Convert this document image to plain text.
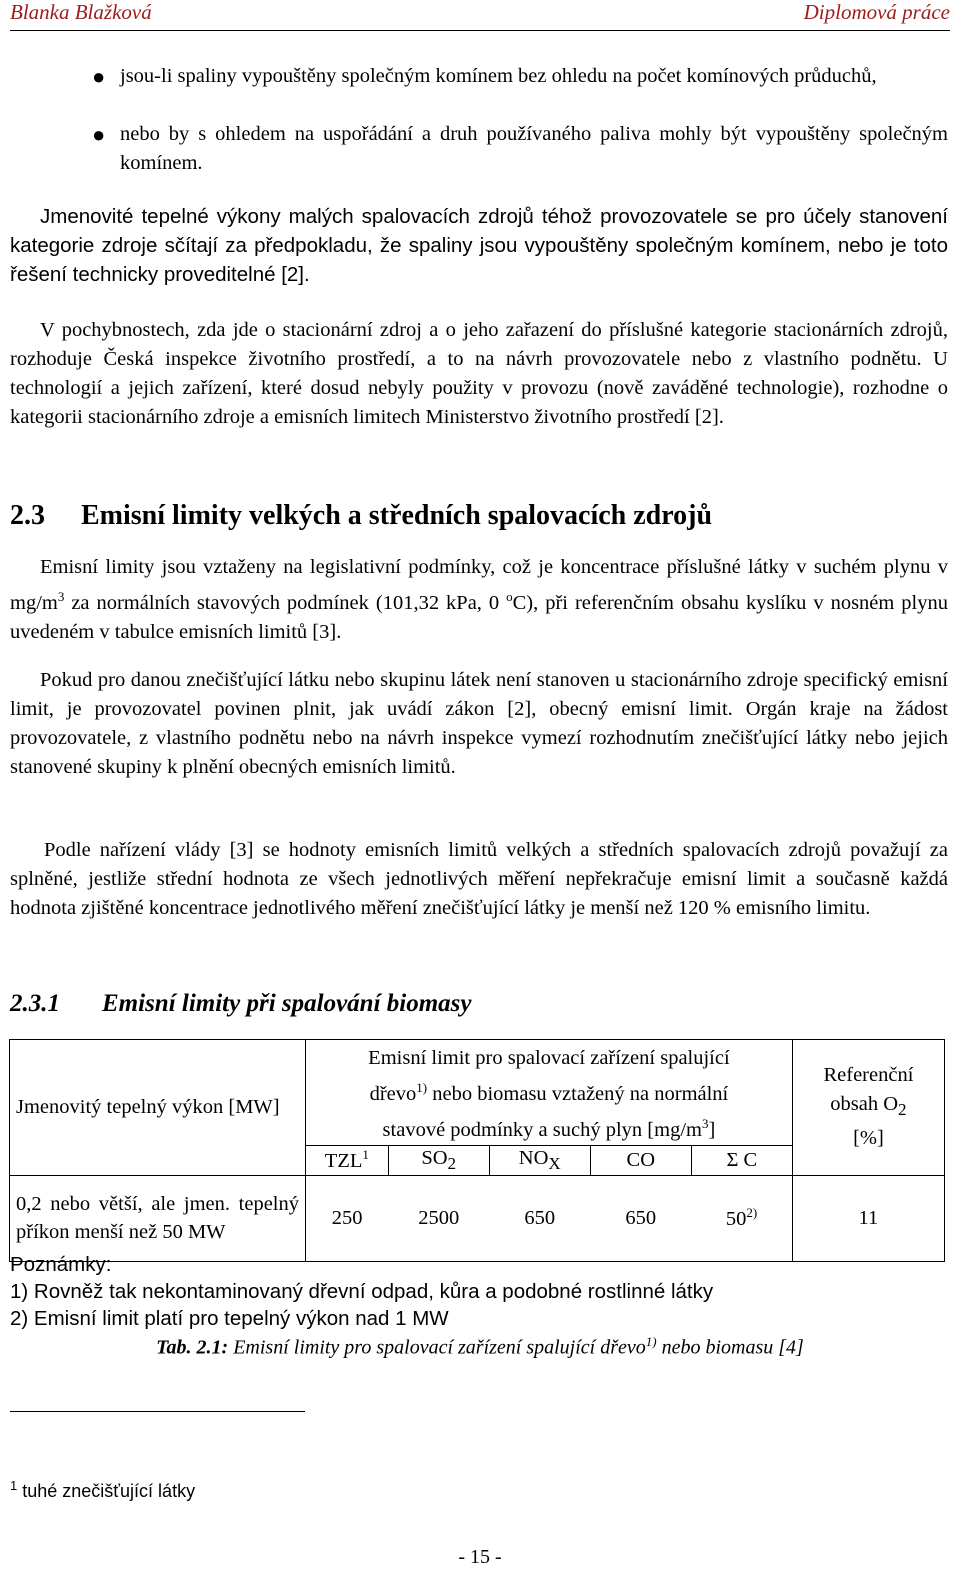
Blanka Blažková	Diplomová práce
● jsou-li spaliny vypouštěny společným komínem bez ohledu na počet komínových průduchů,

● nebo by s ohledem na uspořádání a druh používaného paliva mohly být vypouštěny společným komínem.

Jmenovité tepelné výkony malých spalovacích zdrojů téhož provozovatele se pro účely stanovení kategorie zdroje sčítají za předpokladu, že spaliny jsou vypouštěny společným komínem, nebo je toto řešení technicky proveditelné [2].

V pochybnostech, zda jde o stacionární zdroj a o jeho zařazení do příslušné kategorie stacionárních zdrojů, rozhoduje Česká inspekce životního prostředí, a to na návrh provozovatele nebo z vlastního podnětu. U technologií a jejich zařízení, které dosud nebyly použity v provozu (nově zaváděné technologie), rozhodne o kategorii stacionárního zdroje a emisních limitech Ministerstvo životního prostředí [2].

2.3 Emisní limity velkých a středních spalovacích zdrojů

Emisní limity jsou vztaženy na legislativní podmínky, což je koncentrace příslušné látky v suchém plynu v $mg/m^3$ za normálních stavových podmínek (101,32 kPa, 0 $^o$C), při referenčním obsahu kyslíku v nosném plynu uvedeném v tabulce emisních limitů [3].

Pokud pro danou znečišťující látku nebo skupinu látek není stanoven u stacionárního zdroje specifický emisní limit, je provozovatel povinen plnit, jak uvádí zákon [2], obecný emisní limit. Orgán kraje na žádost provozovatele, z vlastního podnětu nebo na návrh inspekce vymezí rozhodnutím znečišťující látky nebo jejich stanovené skupiny k plnění obecných emisních limitů.

Podle nařízení vlády [3] se hodnoty emisních limitů velkých a středních spalovacích zdrojů považují za splněné, jestliže střední hodnota ze všech jednotlivých měření nepřekračuje emisní limit a současně každá hodnota zjištěné koncentrace jednotlivého měření znečišťující látky je menší než 120 % emisního limitu.

2.3.1 Emisní limity při spalování biomasy
Jmenovitý tepelný výkon [MW]	Emisní limit pro spalovací zařízení spalující dřevo$^{1)}$ nebo biomasu vztažený na normální stavové podmínky a suchý plyn $[mg/m^3]$					Referenční obsah $O_2$
[%]
	TZL$^1$	$SO_2$	$NO_X$	CO	Σ C	
0,2 nebo větší, ale jmen. tepelný příkon menší než 50 MW	250	2500	650	650	50$^{2)}$	11
Poznámky:
1) Rovněž tak nekontaminovaný dřevní odpad, kůra a podobné rostlinné látky
2) Emisní limit platí pro tepelný výkon nad 1 MW
Tab. 2.1: Emisní limity pro spalovací zařízení spalující dřevo$^{1)}$ nebo biomasu [4]
$^1$ tuhé znečišťující látky
- 15 -
